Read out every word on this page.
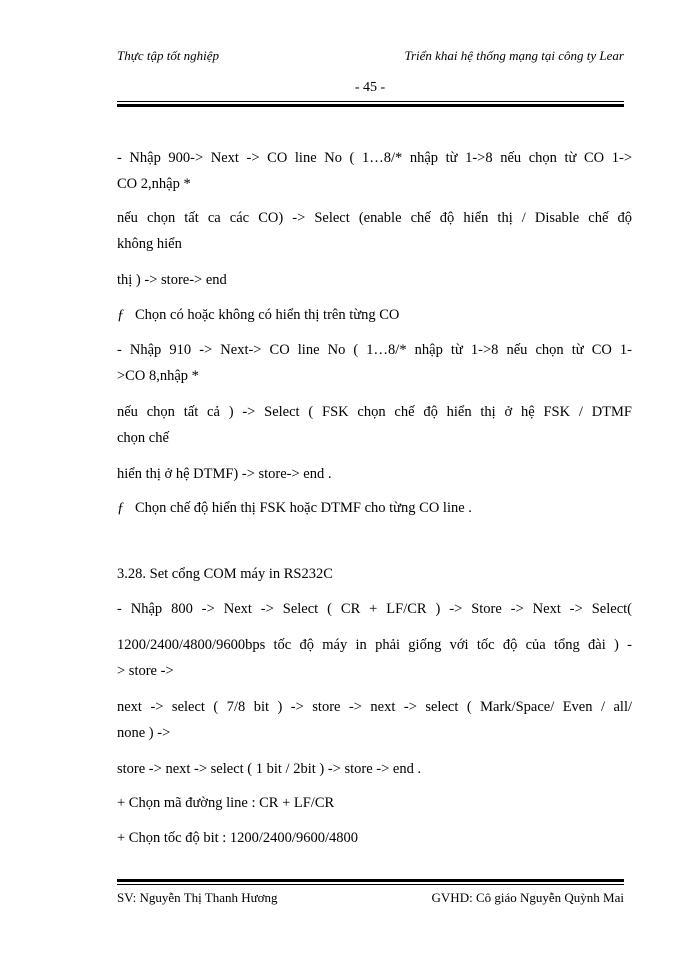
Thực tập tốt nghiệp	Triển khai hệ thống mạng tại công ty Lear
- 45 -
- Nhập 900-> Next -> CO line No ( 1…8/* nhập từ 1->8 nếu chọn từ CO 1->
CO 2,nhập *
nếu chọn tất ca các CO) -> Select (enable chế độ hiển thị / Disable chế độ
không hiển
thị ) -> store-> end
ƒ Chọn có hoặc không có hiển thị trên từng CO
- Nhập 910 -> Next-> CO line No ( 1…8/* nhập từ 1->8 nếu chọn từ CO 1-
>CO 8,nhập *
nếu chọn tất cả ) -> Select ( FSK chọn chế độ hiển thị ở hệ FSK / DTMF
chọn chế
hiển thị ở hệ DTMF) -> store-> end .
ƒ Chọn chế độ hiển thị FSK hoặc DTMF cho từng CO line .
3.28. Set cổng COM máy in RS232C
- Nhập 800 -> Next -> Select ( CR + LF/CR ) -> Store -> Next -> Select(
1200/2400/4800/9600bps tốc độ máy in phải giống với tốc độ của tổng đài ) -
> store ->
next -> select ( 7/8 bit ) -> store -> next -> select ( Mark/Space/ Even / all/
none ) ->
store -> next -> select ( 1 bit / 2bit ) -> store -> end .
+ Chọn mã đường line : CR + LF/CR
+ Chọn tốc độ bit : 1200/2400/9600/4800
SV: Nguyễn Thị Thanh Hương	GVHD: Cô giáo Nguyễn Quỳnh Mai
